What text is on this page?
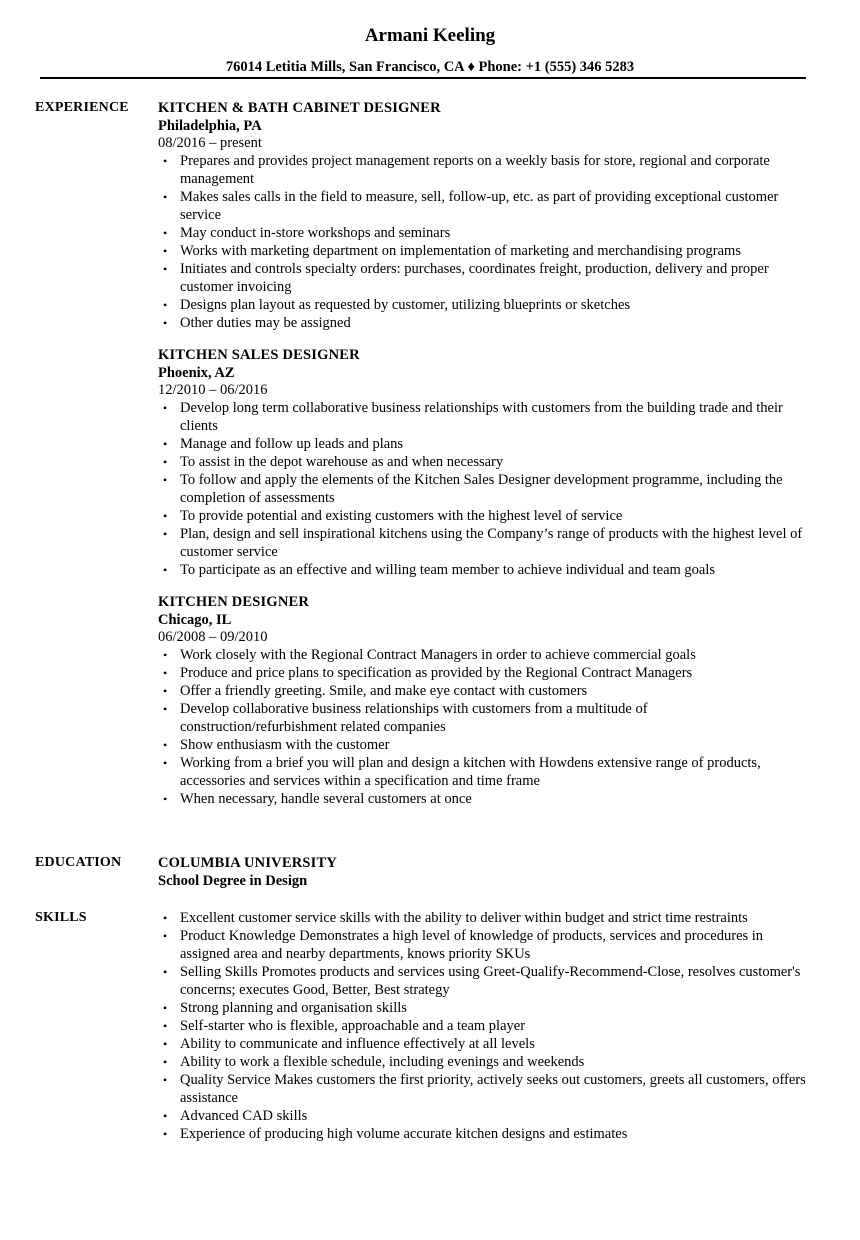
Armani Keeling
76014 Letitia Mills, San Francisco, CA ♦ Phone: +1 (555) 346 5283
EXPERIENCE KITCHEN & BATH CABINET DESIGNER
Philadelphia, PA
08/2016 – present
• Prepares and provides project management reports on a weekly basis for store, regional and corporate management
• Makes sales calls in the field to measure, sell, follow-up, etc. as part of providing exceptional customer service
• May conduct in-store workshops and seminars
• Works with marketing department on implementation of marketing and merchandising programs
• Initiates and controls specialty orders: purchases, coordinates freight, production, delivery and proper customer invoicing
• Designs plan layout as requested by customer, utilizing blueprints or sketches
• Other duties may be assigned
KITCHEN SALES DESIGNER
Phoenix, AZ
12/2010 – 06/2016
• Develop long term collaborative business relationships with customers from the building trade and their clients
• Manage and follow up leads and plans
• To assist in the depot warehouse as and when necessary
• To follow and apply the elements of the Kitchen Sales Designer development programme, including the completion of assessments
• To provide potential and existing customers with the highest level of service
• Plan, design and sell inspirational kitchens using the Company’s range of products with the highest level of customer service
• To participate as an effective and willing team member to achieve individual and team goals
KITCHEN DESIGNER
Chicago, IL
06/2008 – 09/2010
• Work closely with the Regional Contract Managers in order to achieve commercial goals
• Produce and price plans to specification as provided by the Regional Contract Managers
• Offer a friendly greeting. Smile, and make eye contact with customers
• Develop collaborative business relationships with customers from a multitude of construction/refurbishment related companies
• Show enthusiasm with the customer
• Working from a brief you will plan and design a kitchen with Howdens extensive range of products, accessories and services within a specification and time frame
• When necessary, handle several customers at once
EDUCATION	COLUMBIA UNIVERSITY
School Degree in Design
SKILLS	• Excellent customer service skills with the ability to deliver within budget and strict time restraints
• Product Knowledge Demonstrates a high level of knowledge of products, services and procedures in assigned area and nearby departments, knows priority SKUs
• Selling Skills Promotes products and services using Greet-Qualify-Recommend-Close, resolves customer's concerns; executes Good, Better, Best strategy
• Strong planning and organisation skills
• Self-starter who is flexible, approachable and a team player
• Ability to communicate and influence effectively at all levels
• Ability to work a flexible schedule, including evenings and weekends
• Quality Service Makes customers the first priority, actively seeks out customers, greets all customers, offers assistance
• Advanced CAD skills
• Experience of producing high volume accurate kitchen designs and estimates
